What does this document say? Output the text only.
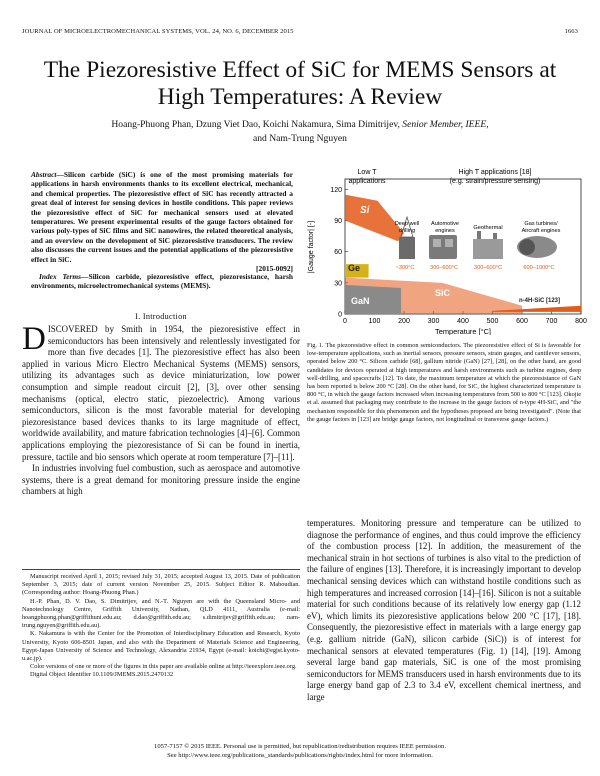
JOURNAL OF MICROELECTROMECHANICAL SYSTEMS, VOL. 24, NO. 6, DECEMBER 2015	1663
The Piezoresistive Effect of SiC for MEMS Sensors at High Temperatures: A Review
Hoang-Phuong Phan, Dzung Viet Dao, Koichi Nakamura, Sima Dimitrijev, Senior Member, IEEE,
and Nam-Trung Nguyen
Abstract—Silicon carbide (SiC) is one of the most promising materials for applications in harsh environments thanks to its excellent electrical, mechanical, and chemical properties. The piezoresistive effect of SiC has recently attracted a great deal of interest for sensing devices in hostile conditions. This paper reviews the piezoresistive effect of SiC for mechanical sensors used at elevated temperatures. We present experimental results of the gauge factors obtained for various poly-types of SiC films and SiC nanowires, the related theoretical analysis, and an overview on the development of SiC piezoresistive transducers. The review also discusses the current issues and the potential applications of the piezoresistive effect in SiC.
[2015-0092]
Index Terms—Silicon carbide, piezoresistive effect, piezoresistance, harsh environments, microelectromechanical systems (MEMS).
I. Introduction
DISCOVERED by Smith in 1954, the piezoresistive effect in semiconductors has been intensively and relentlessly investigated for more than five decades [1]. The piezoresistive effect has also been applied in various Micro Electro Mechanical Systems (MEMS) sensors, utilizing its advantages such as device miniaturization, low power consumption and simple readout circuit [2], [3], over other sensing mechanisms (optical, electro static, piezoelectric). Among various semiconductors, silicon is the most favorable material for developing piezoresistance based devices thanks to its large magnitude of effect, worldwide availability, and mature fabrication technologies [4]–[6]. Common applications employing the piezoresistance of Si can be found in inertia, pressure, tactile and bio sensors which operate at room temperature [7]–[11].
In industries involving fuel combustion, such as aerospace and automotive systems, there is a great demand for monitoring pressure inside the engine chambers at high
Manuscript received April 1, 2015; revised July 31, 2015; accepted August 13, 2015. Date of publication September 3, 2015; date of current version November 25, 2015. Subject Editor R. Maboudian. (Corresponding author: Hoang-Phuong Phan.)
H.-P. Phan, D. V. Dao, S. Dimitrijev, and N.-T. Nguyen are with the Queensland Micro- and Nanotechnology Centre, Griffith University, Nathan, QLD 4111, Australia (e-mail: hoangphuong.phan@griffithuni.edu.au; d.dao@griffith.edu.au; s.dimitrijev@griffith.edu.au; nam-trung.nguyen@griffith.edu.au).
K. Nakamura is with the Center for the Promotion of Interdisciplinary Education and Research, Kyoto University, Kyoto 606-8501 Japan, and also with the Department of Materials Science and Engineering, Egypt-Japan University of Science and Technology, Alexandria 21934, Egypt (e-mail: koichi@egjst.kyoto-u.ac.jp).
Color versions of one or more of the figures in this paper are available online at http://ieeexplore.ieee.org.
Digital Object Identifier 10.1109/JMEMS.2015.2470132
0	100	200	300	400	500	600	700	800
0
30
60
90
120
Si
Ge
GaN
SiC
n-4H-SiC [123]
Low T
applications
High T applications [18]
(e.g. strain/pressure sensing)
Deep well
drilling
Automotive
engines	Geothermal
Gas turbines/
Aircraft engines
~300°C	300–600°C	300–600°C	600–1000°C
Temperature [°C]
|Gauge factor| [-]
Fig. 1. The piezoresistive effect in common semiconductors. The piezoresistive effect of Si is favorable for low-temperature applications, such as inertial sensors, pressure sensors, strain gauges, and cantilever sensors, operated below 200 °C. Silicon carbide [68], gallium nitride (GaN) [27], [28], on the other hand, are good candidates for devices operated at high temperatures and harsh environments such as turbine engines, deep well-drilling, and spacecrafts [12]. To date, the maximum temperature at which the piezoresistance of GaN has been reported is below 200 °C [28]. On the other hand, for SiC, the highest characterized temperature is 800 °C, in which the gauge factors increased when increasing temperatures from 500 to 800 °C [123]. Okojie et al. assumed that packaging may contribute to the increase in the gauge factors of n-type 4H-SiC, and "the mechanism responsible for this phenomenon and the hypotheses proposed are being investigated". (Note that the gauge factors in [123] are bridge gauge factors, not longitudinal or transverse gauge factors.)
temperatures. Monitoring pressure and temperature can be utilized to diagnose the performance of engines, and thus could improve the efficiency of the combustion process [12]. In addition, the measurement of the mechanical strain in hot sections of turbines is also vital to the prediction of the failure of engines [13]. Therefore, it is increasingly important to develop mechanical sensing devices which can withstand hostile conditions such as high temperatures and increased corrosion [14]–[16]. Silicon is not a suitable material for such conditions because of its relatively low energy gap (1.12 eV), which limits its piezoresistive applications below 200 °C [17], [18]. Consequently, the piezoresistive effect in materials with a large energy gap (e.g. gallium nitride (GaN), silicon carbide (SiC)) is of interest for mechanical sensors at elevated temperatures (Fig. 1) [14], [19]. Among several large band gap materials, SiC is one of the most promising semiconductors for MEMS transducers used in harsh environments due to its large energy band gap of 2.3 to 3.4 eV, excellent chemical inertness, and large
1057-7157 © 2015 IEEE. Personal use is permitted, but republication/redistribution requires IEEE permission.
See http://www.ieee.org/publications_standards/publications/rights/index.html for more information.
